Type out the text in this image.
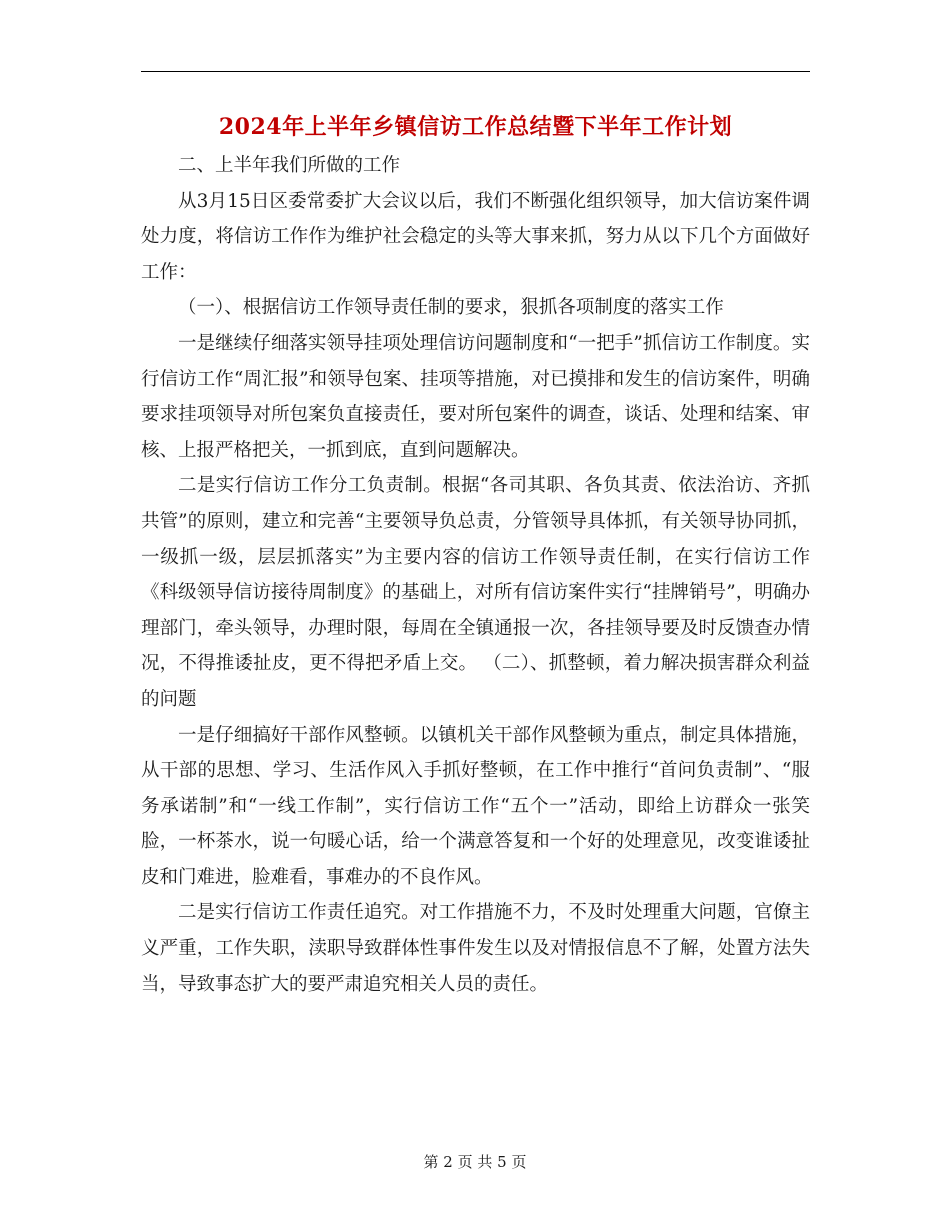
2024年上半年乡镇信访工作总结暨下半年工作计划

二、上半年我们所做的工作

从3月15日区委常委扩大会议以后，我们不断强化组织领导，加大信访案件调处力度，将信访工作作为维护社会稳定的头等大事来抓，努力从以下几个方面做好工作：

（一）、根据信访工作领导责任制的要求，狠抓各项制度的落实工作

一是继续仔细落实领导挂项处理信访问题制度和“一把手”抓信访工作制度。实行信访工作“周汇报”和领导包案、挂项等措施，对已摸排和发生的信访案件，明确要求挂项领导对所包案负直接责任，要对所包案件的调查，谈话、处理和结案、审核、上报严格把关，一抓到底，直到问题解决。

二是实行信访工作分工负责制。根据“各司其职、各负其责、依法治访、齐抓共管”的原则，建立和完善“主要领导负总责，分管领导具体抓，有关领导协同抓，一级抓一级，层层抓落实”为主要内容的信访工作领导责任制，在实行信访工作《科级领导信访接待周制度》的基础上，对所有信访案件实行“挂牌销号”，明确办理部门，牵头领导，办理时限，每周在全镇通报一次，各挂领导要及时反馈查办情况，不得推诿扯皮，更不得把矛盾上交。 （二）、抓整顿，着力解决损害群众利益的问题

一是仔细搞好干部作风整顿。以镇机关干部作风整顿为重点，制定具体措施，从干部的思想、学习、生活作风入手抓好整顿，在工作中推行“首问负责制”、“服务承诺制”和“一线工作制”，实行信访工作“五个一”活动，即给上访群众一张笑脸，一杯茶水，说一句暖心话，给一个满意答复和一个好的处理意见，改变谁诿扯皮和门难进，脸难看，事难办的不良作风。

二是实行信访工作责任追究。对工作措施不力，不及时处理重大问题，官僚主义严重，工作失职，渎职导致群体性事件发生以及对情报信息不了解，处置方法失当，导致事态扩大的要严肃追究相关人员的责任。

第 2 页 共 5 页
